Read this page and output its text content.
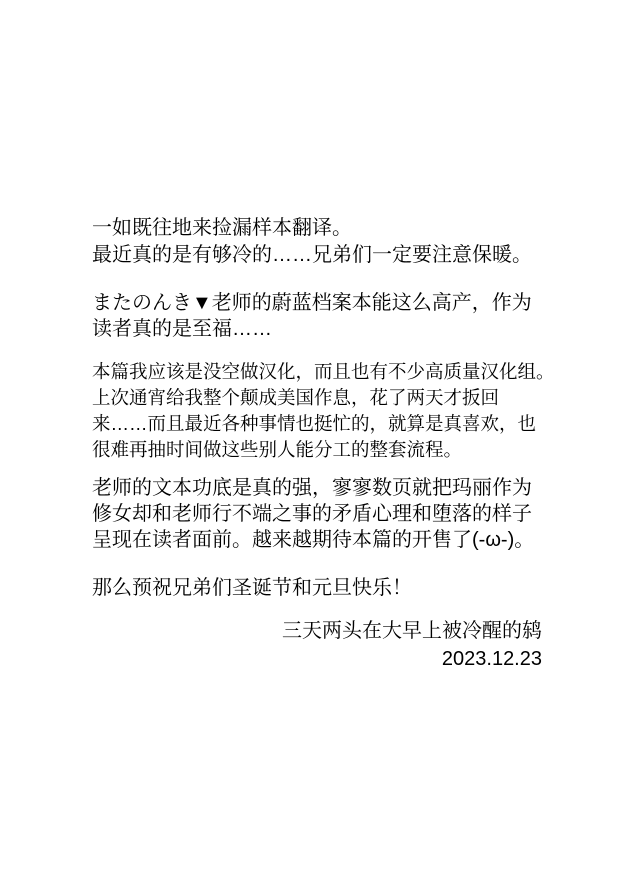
一如既往地来捡漏样本翻译。
最近真的是有够冷的……兄弟们一定要注意保暖。
またのんき▼老师的蔚蓝档案本能这么高产，作为
读者真的是至福……
本篇我应该是没空做汉化，而且也有不少高质量汉化组。
上次通宵给我整个颠成美国作息，花了两天才扳回
来……而且最近各种事情也挺忙的，就算是真喜欢，也
很难再抽时间做这些别人能分工的整套流程。
老师的文本功底是真的强，寥寥数页就把玛丽作为
修女却和老师行不端之事的矛盾心理和堕落的样子
呈现在读者面前。越来越期待本篇的开售了(-ω-)。
那么预祝兄弟们圣诞节和元旦快乐！
三天两头在大早上被冷醒的鸫
2023.12.23
